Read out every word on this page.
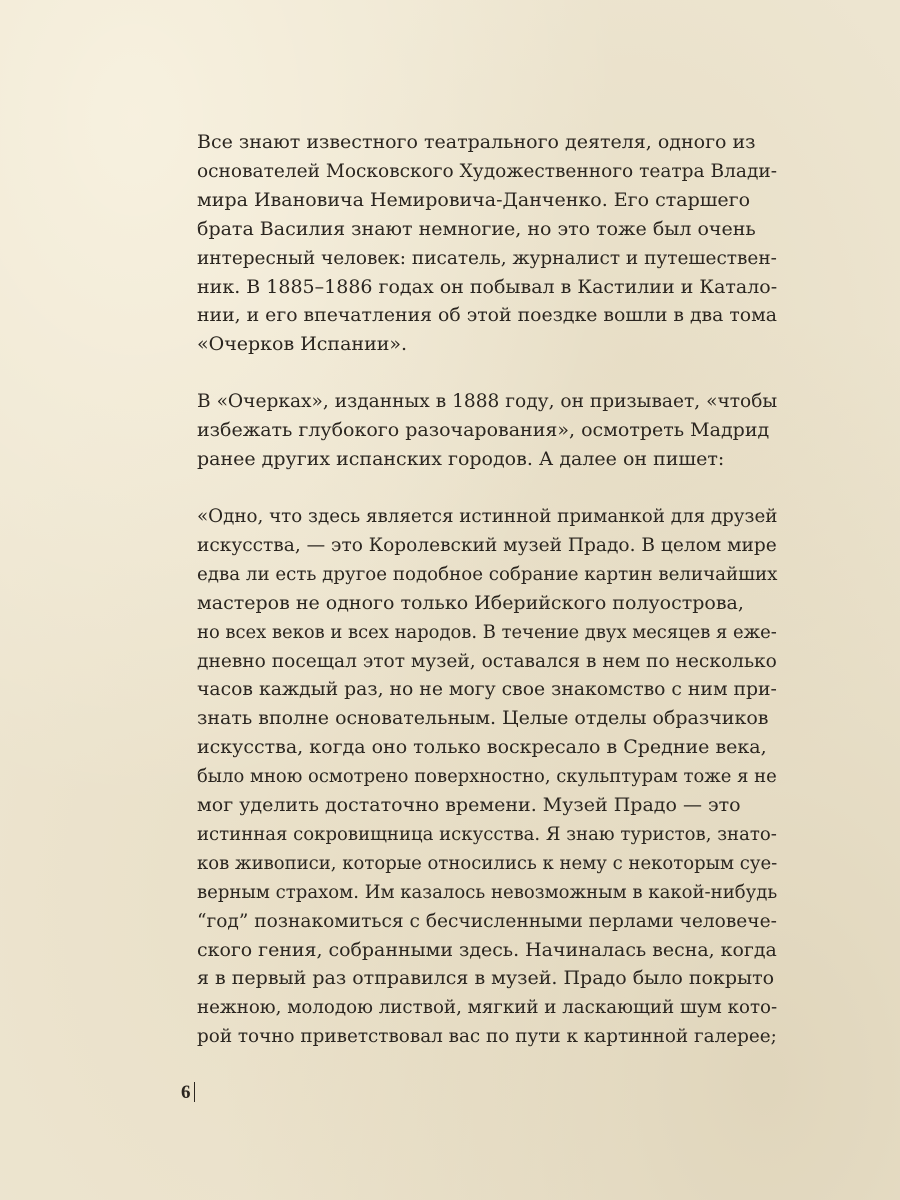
Все знают известного театрального деятеля, одного из
основателей Московского Художественного театра Влади-
мира Ивановича Немировича-Данченко. Его старшего
брата Василия знают немногие, но это тоже был очень
интересный человек: писатель, журналист и путешествен-
ник. В 1885–1886 годах он побывал в Кастилии и Катало-
нии, и его впечатления об этой поездке вошли в два тома
«Очерков Испании».

В «Очерках», изданных в 1888 году, он призывает, «чтобы
избежать глубокого разочарования», осмотреть Мадрид
ранее других испанских городов. А далее он пишет:

«Одно, что здесь является истинной приманкой для друзей
искусства, — это Королевский музей Прадо. В целом мире
едва ли есть другое подобное собрание картин величайших
мастеров не одного только Иберийского полуострова,
но всех веков и всех народов. В течение двух месяцев я еже-
дневно посещал этот музей, оставался в нем по несколько
часов каждый раз, но не могу свое знакомство с ним при-
знать вполне основательным. Целые отделы образчиков
искусства, когда оно только воскресало в Средние века,
было мною осмотрено поверхностно, скульптурам тоже я не
мог уделить достаточно времени. Музей Прадо — это
истинная сокровищница искусства. Я знаю туристов, знато-
ков живописи, которые относились к нему с некоторым суе-
верным страхом. Им казалось невозможным в какой-нибудь
“год” познакомиться с бесчисленными перлами человече-
ского гения, собранными здесь. Начиналась весна, когда
я в первый раз отправился в музей. Прадо было покрыто
нежною, молодою листвой, мягкий и ласкающий шум кото-
рой точно приветствовал вас по пути к картинной галерее;

6
